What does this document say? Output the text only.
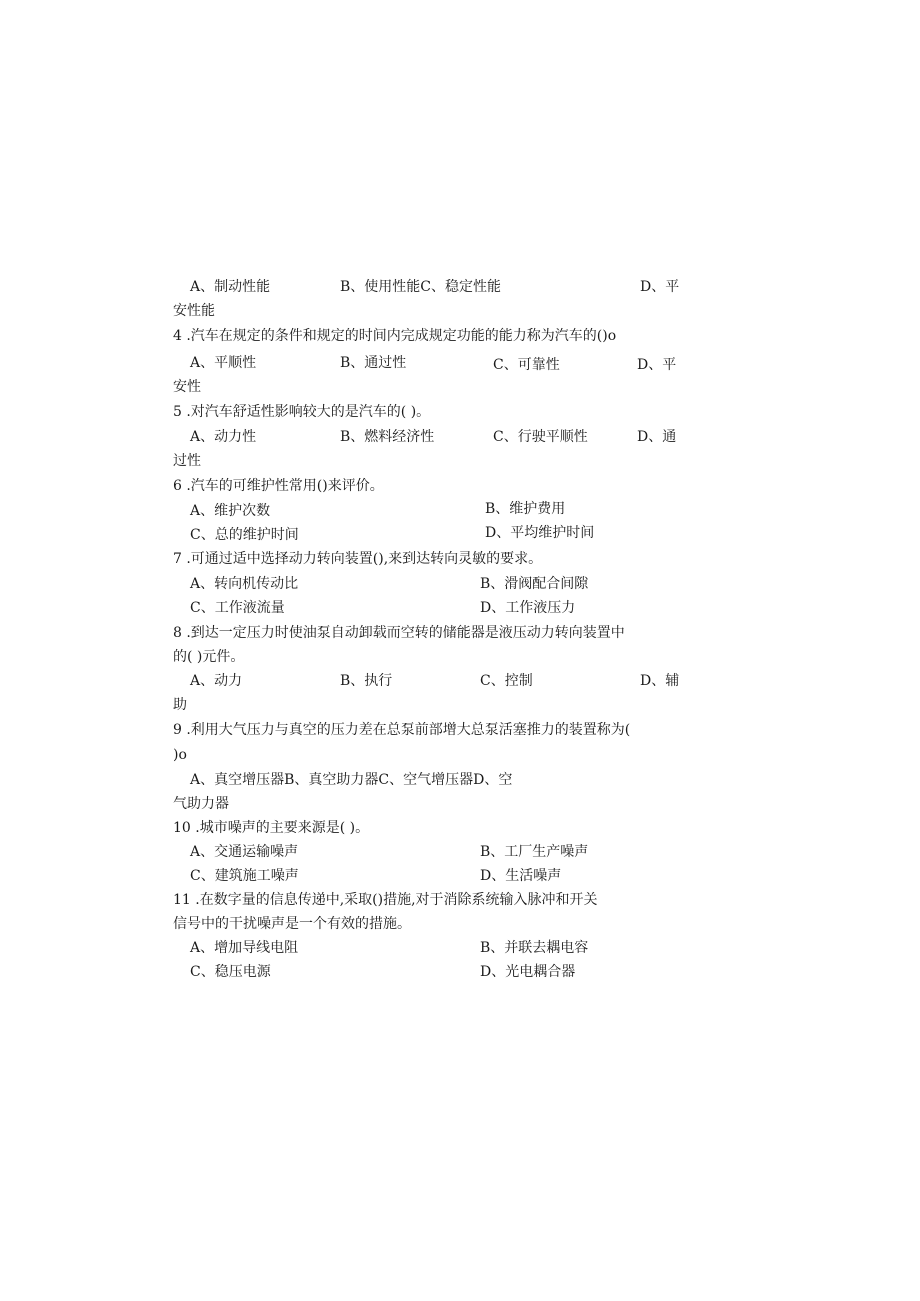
A、制动性能	B、使用性能C、稳定性能	D、平
安性能
4 .汽车在规定的条件和规定的时间内完成规定功能的能力称为汽车的()o
A、平顺性	B、通过性	C、可靠性	D、平
安性
5 .对汽车舒适性影响较大的是汽车的( )。
A、动力性	B、燃料经济性	C、行驶平顺性	D、通
过性
6 .汽车的可维护性常用()来评价。
A、维护次数	B、维护费用
C、总的维护时间	D、平均维护时间
7 .可通过适中选择动力转向装置(),来到达转向灵敏的要求。
A、转向机传动比	B、滑阀配合间隙
C、工作液流量	D、工作液压力
8 .到达一定压力时使油泵自动卸载而空转的储能器是液压动力转向装置中
的( )元件。
A、动力	B、执行	C、控制	D、辅
助
9 .利用大气压力与真空的压力差在总泵前部增大总泵活塞推力的装置称为(
)o
A、真空增压器B、真空助力器C、空气增压器D、空
气助力器
10 .城市噪声的主要来源是( )。
A、交通运输噪声	B、工厂生产噪声
C、建筑施工噪声	D、生活噪声
11 .在数字量的信息传递中,采取()措施,对于消除系统输入脉冲和开关
信号中的干扰噪声是一个有效的措施。
A、增加导线电阻	B、并联去耦电容
C、稳压电源	D、光电耦合器
